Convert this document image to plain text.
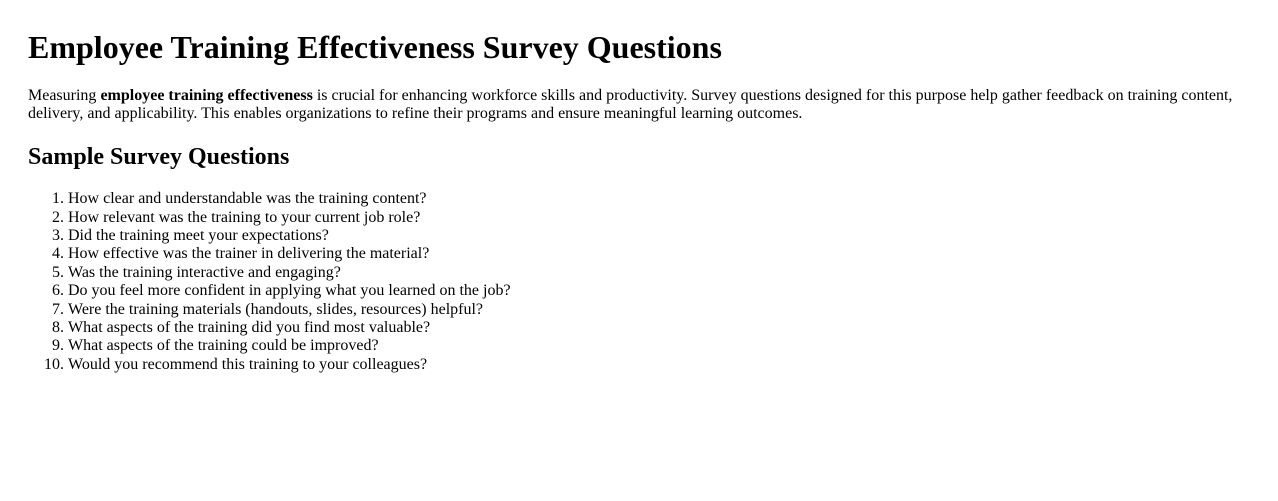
Employee Training Effectiveness Survey Questions

Measuring employee training effectiveness is crucial for enhancing workforce skills and productivity. Survey questions designed for this purpose help gather feedback on training content, delivery, and applicability. This enables organizations to refine their programs and ensure meaningful learning outcomes.

Sample Survey Questions
1. How clear and understandable was the training content?
2. How relevant was the training to your current job role?
3. Did the training meet your expectations?
4. How effective was the trainer in delivering the material?
5. Was the training interactive and engaging?
6. Do you feel more confident in applying what you learned on the job?
7. Were the training materials (handouts, slides, resources) helpful?
8. What aspects of the training did you find most valuable?
9. What aspects of the training could be improved?
10. Would you recommend this training to your colleagues?
